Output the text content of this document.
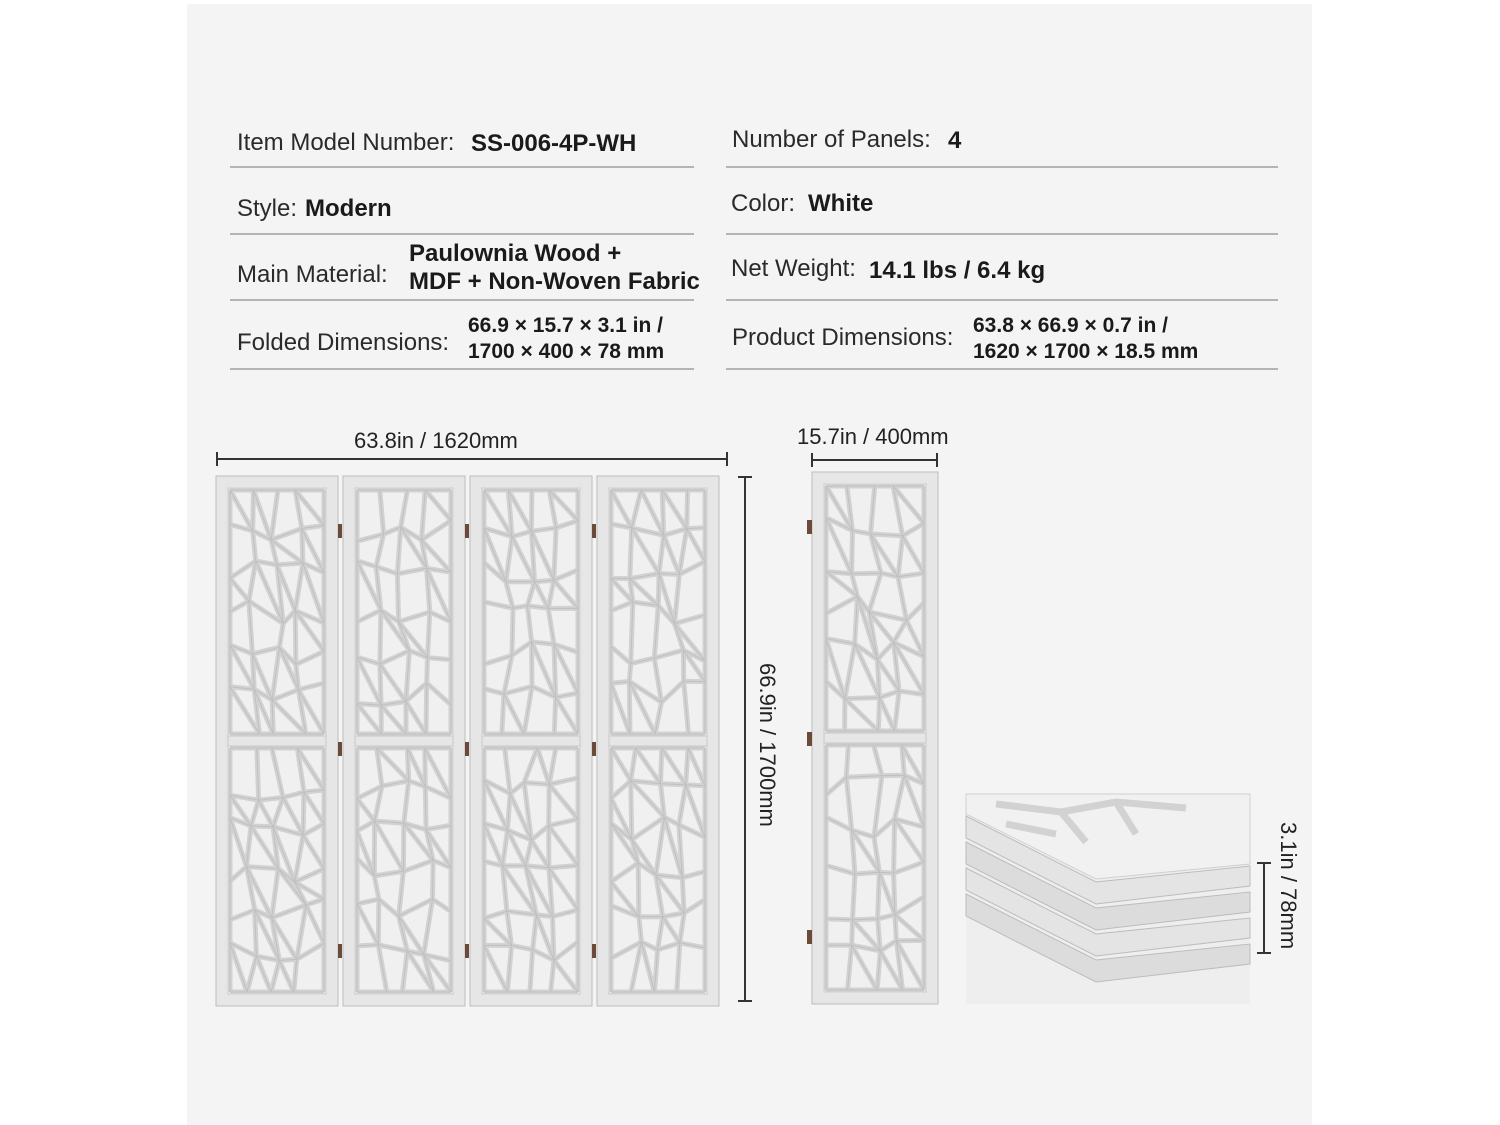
Item Model Number: SS-006-4P-WH	Number of Panels: 4
Style: Modern	Color: White
Main Material:
Paulownia Wood +
MDF + Non-Woven Fabric Net Weight: 14.1 lbs / 6.4 kg
Folded Dimensions:
66.9 × 15.7 × 3.1 in /
1700 × 400 × 78 mm
Product Dimensions: 63.8 × 66.9 × 0.7 in /
1620 × 1700 × 18.5 mm
63.8in / 1620mm
66.9in / 1700mm
15.7in / 400mm
3.1in / 78mm
